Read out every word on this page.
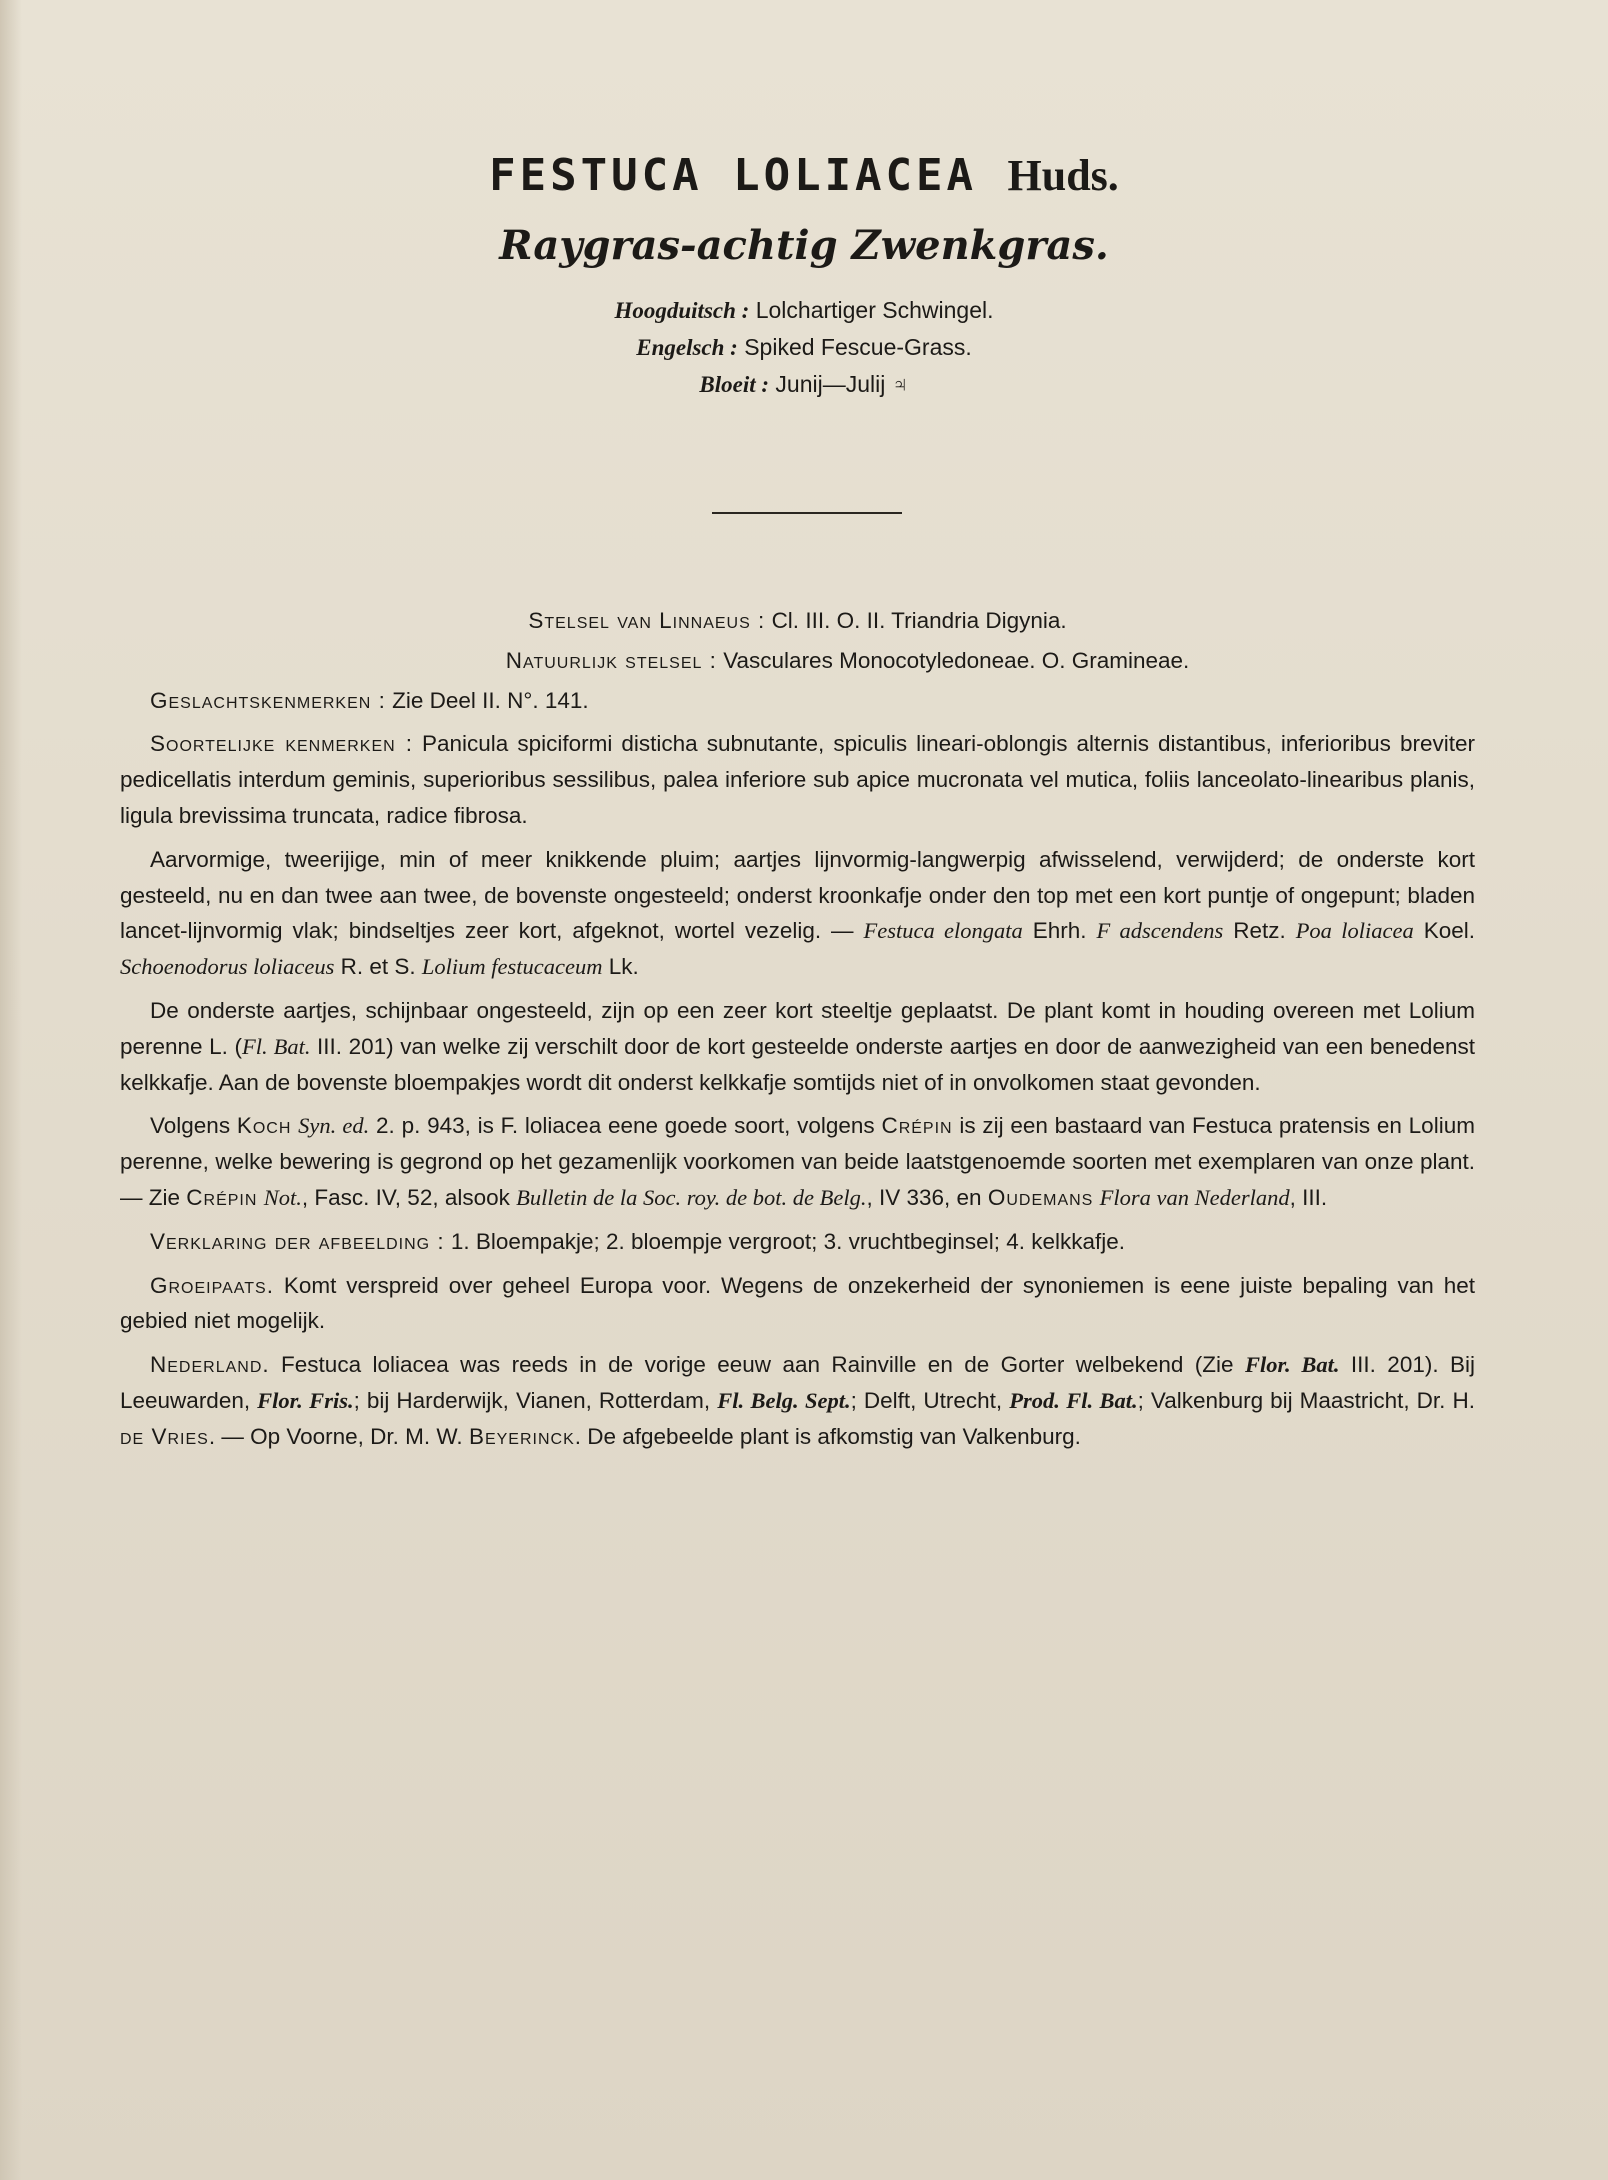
FESTUCA LOLIACEA Huds.
Raygras-achtig Zwenkgras.
Hoogduitsch : Lolchartiger Schwingel.
Engelsch : Spiked Fescue-Grass.
Bloeit : Junij—Julij ♃

Stelsel van Linnaeus : Cl. III. O. II. Triandria Digynia.

Natuurlijk stelsel : Vasculares Monocotyledoneae. O. Gramineae.

Geslachtskenmerken : Zie Deel II. N°. 141.

Soortelijke kenmerken : Panicula spiciformi disticha subnutante, spiculis lineari-oblongis alternis distantibus, inferioribus breviter pedicellatis interdum geminis, superioribus sessilibus, palea inferiore sub apice mucronata vel mutica, foliis lanceolato-linearibus planis, ligula brevissima truncata, radice fibrosa.

Aarvormige, tweerijige, min of meer knikkende pluim; aartjes lijnvormig-langwerpig afwisselend, verwijderd; de onderste kort gesteeld, nu en dan twee aan twee, de bovenste ongesteeld; onderst kroonkafje onder den top met een kort puntje of ongepunt; bladen lancet-lijnvormig vlak; bindseltjes zeer kort, afgeknot, wortel vezelig. — Festuca elongata Ehrh. F adscendens Retz. Poa loliacea Koel. Schoenodorus loliaceus R. et S. Lolium festucaceum Lk.

De onderste aartjes, schijnbaar ongesteeld, zijn op een zeer kort steeltje geplaatst. De plant komt in houding overeen met Lolium perenne L. (Fl. Bat. III. 201) van welke zij verschilt door de kort gesteelde onderste aartjes en door de aanwezigheid van een benedenst kelkkafje. Aan de bovenste bloempakjes wordt dit onderst kelkkafje somtijds niet of in onvolkomen staat gevonden.

Volgens Koch Syn. ed. 2. p. 943, is F. loliacea eene goede soort, volgens Crépin is zij een bastaard van Festuca pratensis en Lolium perenne, welke bewering is gegrond op het gezamenlijk voorkomen van beide laatstgenoemde soorten met exemplaren van onze plant. — Zie Crépin Not., Fasc. IV, 52, alsook Bulletin de la Soc. roy. de bot. de Belg., IV 336, en Oudemans Flora van Nederland, III.

Verklaring der afbeelding : 1. Bloempakje; 2. bloempje vergroot; 3. vruchtbeginsel; 4. kelkkafje.

Groeipaats. Komt verspreid over geheel Europa voor. Wegens de onzekerheid der synoniemen is eene juiste bepaling van het gebied niet mogelijk.

Nederland. Festuca loliacea was reeds in de vorige eeuw aan Rainville en de Gorter welbekend (Zie Flor. Bat. III. 201). Bij Leeuwarden, Flor. Fris.; bij Harderwijk, Vianen, Rotterdam, Fl. Belg. Sept.; Delft, Utrecht, Prod. Fl. Bat.; Valkenburg bij Maastricht, Dr. H. de Vries. — Op Voorne, Dr. M. W. Beyerinck. De afgebeelde plant is afkomstig van Valkenburg.
